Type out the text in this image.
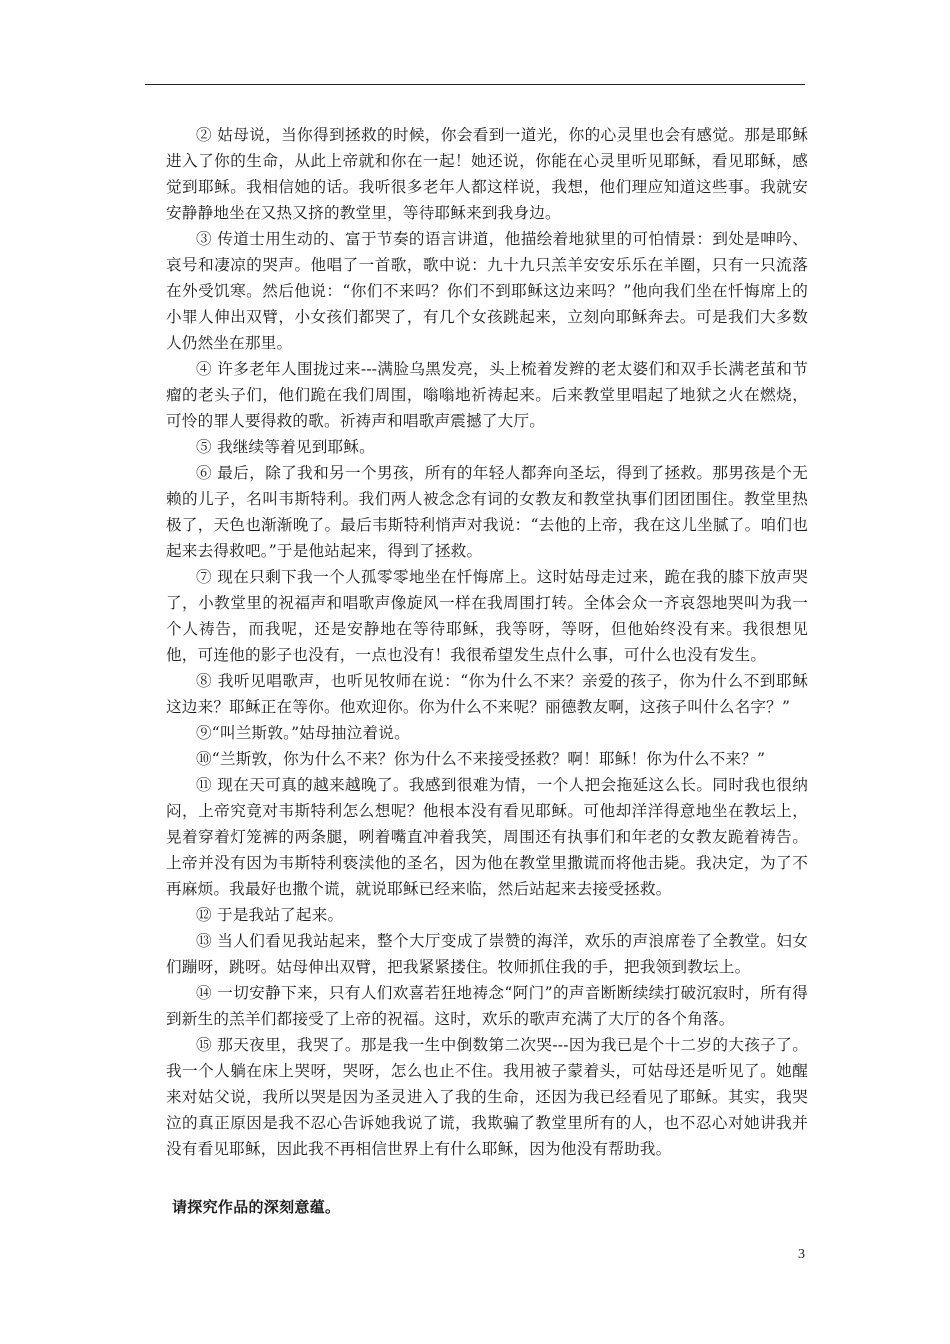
② 姑母说，当你得到拯救的时候，你会看到一道光，你的心灵里也会有感觉。那是耶稣进入了你的生命，从此上帝就和你在一起！她还说，你能在心灵里听见耶稣，看见耶稣，感觉到耶稣。我相信她的话。我听很多老年人都这样说，我想，他们理应知道这些事。我就安安静静地坐在又热又挤的教堂里，等待耶稣来到我身边。

③ 传道士用生动的、富于节奏的语言讲道，他描绘着地狱里的可怕情景：到处是呻吟、哀号和凄凉的哭声。他唱了一首歌，歌中说：九十九只羔羊安安乐乐在羊圈，只有一只流落在外受饥寒。然后他说：“你们不来吗？你们不到耶稣这边来吗？”他向我们坐在忏悔席上的小罪人伸出双臂，小女孩们都哭了，有几个女孩跳起来，立刻向耶稣奔去。可是我们大多数人仍然坐在那里。

④ 许多老年人围拢过来---满脸乌黑发亮，头上梳着发辫的老太婆们和双手长满老茧和节瘤的老头子们，他们跪在我们周围，嗡嗡地祈祷起来。后来教堂里唱起了地狱之火在燃烧，可怜的罪人要得救的歌。祈祷声和唱歌声震撼了大厅。

⑤ 我继续等着见到耶稣。

⑥ 最后，除了我和另一个男孩，所有的年轻人都奔向圣坛，得到了拯救。那男孩是个无赖的儿子，名叫韦斯特利。我们两人被念念有词的女教友和教堂执事们团团围住。教堂里热极了，天色也渐渐晚了。最后韦斯特利悄声对我说：“去他的上帝，我在这儿坐腻了。咱们也起来去得救吧。”于是他站起来，得到了拯救。

⑦ 现在只剩下我一个人孤零零地坐在忏悔席上。这时姑母走过来，跪在我的膝下放声哭了，小教堂里的祝福声和唱歌声像旋风一样在我周围打转。全体会众一齐哀怨地哭叫为我一个人祷告，而我呢，还是安静地在等待耶稣，我等呀，等呀，但他始终没有来。我很想见他，可连他的影子也没有，一点也没有！我很希望发生点什么事，可什么也没有发生。

⑧ 我听见唱歌声，也听见牧师在说：“你为什么不来？亲爱的孩子，你为什么不到耶稣这边来？耶稣正在等你。他欢迎你。你为什么不来呢？丽德教友啊，这孩子叫什么名字？”

⑨“叫兰斯敦。”姑母抽泣着说。

⑩“兰斯敦，你为什么不来？你为什么不来接受拯救？啊！耶稣！你为什么不来？”

⑪ 现在天可真的越来越晚了。我感到很难为情，一个人把会拖延这么长。同时我也很纳闷，上帝究竟对韦斯特利怎么想呢？他根本没有看见耶稣。可他却洋洋得意地坐在教坛上，晃着穿着灯笼裤的两条腿，咧着嘴直冲着我笑，周围还有执事们和年老的女教友跪着祷告。上帝并没有因为韦斯特利亵渎他的圣名，因为他在教堂里撒谎而将他击毙。我决定，为了不再麻烦。我最好也撒个谎，就说耶稣已经来临，然后站起来去接受拯救。

⑫ 于是我站了起来。

⑬ 当人们看见我站起来，整个大厅变成了崇赞的海洋，欢乐的声浪席卷了全教堂。妇女们蹦呀，跳呀。姑母伸出双臂，把我紧紧搂住。牧师抓住我的手，把我领到教坛上。

⑭ 一切安静下来，只有人们欢喜若狂地祷念“阿门”的声音断断续续打破沉寂时，所有得到新生的羔羊们都接受了上帝的祝福。这时，欢乐的歌声充满了大厅的各个角落。

⑮ 那天夜里，我哭了。那是我一生中倒数第二次哭---因为我已是个十二岁的大孩子了。我一个人躺在床上哭呀，哭呀，怎么也止不住。我用被子蒙着头，可姑母还是听见了。她醒来对姑父说，我所以哭是因为圣灵进入了我的生命，还因为我已经看见了耶稣。其实，我哭泣的真正原因是我不忍心告诉她我说了谎，我欺骗了教堂里所有的人，也不忍心对她讲我并没有看见耶稣，因此我不再相信世界上有什么耶稣，因为他没有帮助我。

请探究作品的深刻意蕴。

3
